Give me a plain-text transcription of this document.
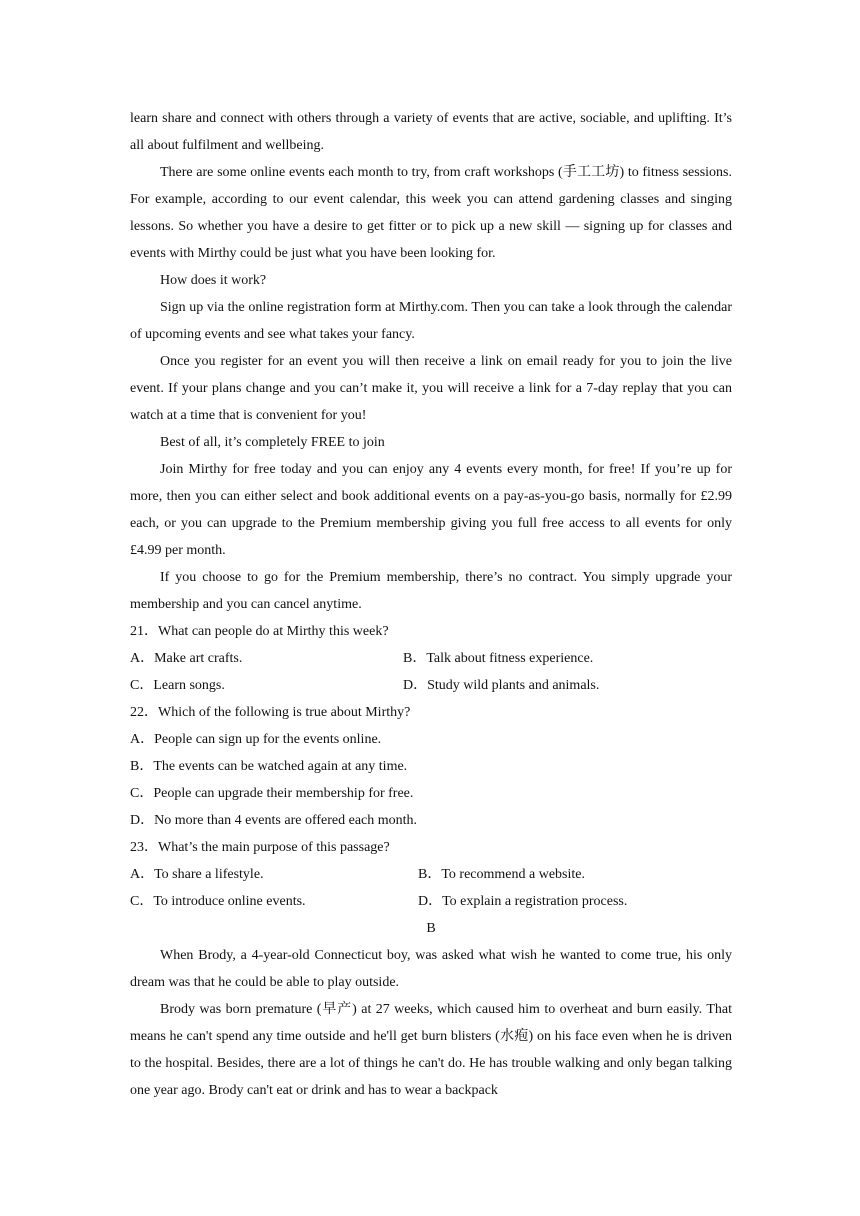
learn share and connect with others through a variety of events that are active, sociable, and uplifting. It’s all about fulfilment and wellbeing.

There are some online events each month to try, from craft workshops (手工工坊) to fitness sessions. For example, according to our event calendar, this week you can attend gardening classes and singing lessons. So whether you have a desire to get fitter or to pick up a new skill — signing up for classes and events with Mirthy could be just what you have been looking for.

How does it work?

Sign up via the online registration form at Mirthy.com. Then you can take a look through the calendar of upcoming events and see what takes your fancy.

Once you register for an event you will then receive a link on email ready for you to join the live event. If your plans change and you can’t make it, you will receive a link for a 7-day replay that you can watch at a time that is convenient for you!

Best of all, it’s completely FREE to join

Join Mirthy for free today and you can enjoy any 4 events every month, for free! If you’re up for more, then you can either select and book additional events on a pay-as-you-go basis, normally for £2.99 each, or you can upgrade to the Premium membership giving you full free access to all events for only £4.99 per month.

If you choose to go for the Premium membership, there’s no contract. You simply upgrade your membership and you can cancel anytime.

21．What can people do at Mirthy this week?

A．Make art crafts.	B．Talk about fitness experience.
C．Learn songs.	D．Study wild plants and animals.

22．Which of the following is true about Mirthy?

A．People can sign up for the events online.

B．The events can be watched again at any time.

C．People can upgrade their membership for free.

D．No more than 4 events are offered each month.

23．What’s the main purpose of this passage?

A．To share a lifestyle.	B．To recommend a website.
C．To introduce online events.	D．To explain a registration process.

B

When Brody, a 4-year-old Connecticut boy, was asked what wish he wanted to come true, his only dream was that he could be able to play outside.

Brody was born premature (早产) at 27 weeks, which caused him to overheat and burn easily. That means he can't spend any time outside and he'll get burn blisters (水疱) on his face even when he is driven to the hospital. Besides, there are a lot of things he can't do. He has trouble walking and only began talking one year ago. Brody can't eat or drink and has to wear a backpack
